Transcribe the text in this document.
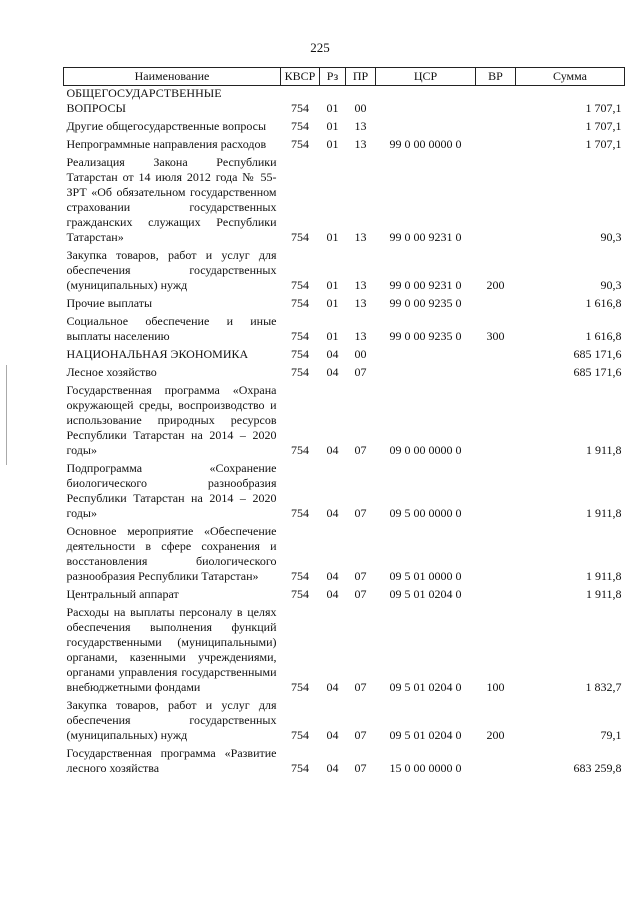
225
Наименование	КВСР	Рз	ПР	ЦСР	ВР	Сумма
ОБЩЕГОСУДАРСТВЕННЫЕ ВОПРОСЫ	754	01	00			1 707,1
Другие общегосударственные вопросы	754	01	13			1 707,1
Непрограммные направления расходов	754	01	13	99 0 00 0000 0		1 707,1
Реализация Закона Республики Татарстан от 14 июля 2012 года № 55-ЗРТ «Об обязательном государственном страховании государственных гражданских служащих Республики Татарстан»	754	01	13	99 0 00 9231 0		90,3
Закупка товаров, работ и услуг для обеспечения государственных (муниципальных) нужд	754	01	13	99 0 00 9231 0	200	90,3
Прочие выплаты	754	01	13	99 0 00 9235 0		1 616,8
Социальное обеспечение и иные выплаты населению	754	01	13	99 0 00 9235 0	300	1 616,8
НАЦИОНАЛЬНАЯ ЭКОНОМИКА	754	04	00			685 171,6
Лесное хозяйство	754	04	07			685 171,6
Государственная программа «Охрана окружающей среды, воспроизводство и использование природных ресурсов Республики Татарстан на 2014 – 2020 годы»	754	04	07	09 0 00 0000 0		1 911,8
Подпрограмма «Сохранение биологического разнообразия Республики Татарстан на 2014 – 2020 годы»	754	04	07	09 5 00 0000 0		1 911,8
Основное мероприятие «Обеспечение деятельности в сфере сохранения и восстановления биологического разнообразия Республики Татарстан»	754	04	07	09 5 01 0000 0		1 911,8
Центральный аппарат	754	04	07	09 5 01 0204 0		1 911,8
Расходы на выплаты персоналу в целях обеспечения выполнения функций государственными (муниципальными) органами, казенными учреждениями, органами управления государственными внебюджетными фондами	754	04	07	09 5 01 0204 0	100	1 832,7
Закупка товаров, работ и услуг для обеспечения государственных (муниципальных) нужд	754	04	07	09 5 01 0204 0	200	79,1
Государственная программа «Развитие лесного хозяйства	754	04	07	15 0 00 0000 0		683 259,8
